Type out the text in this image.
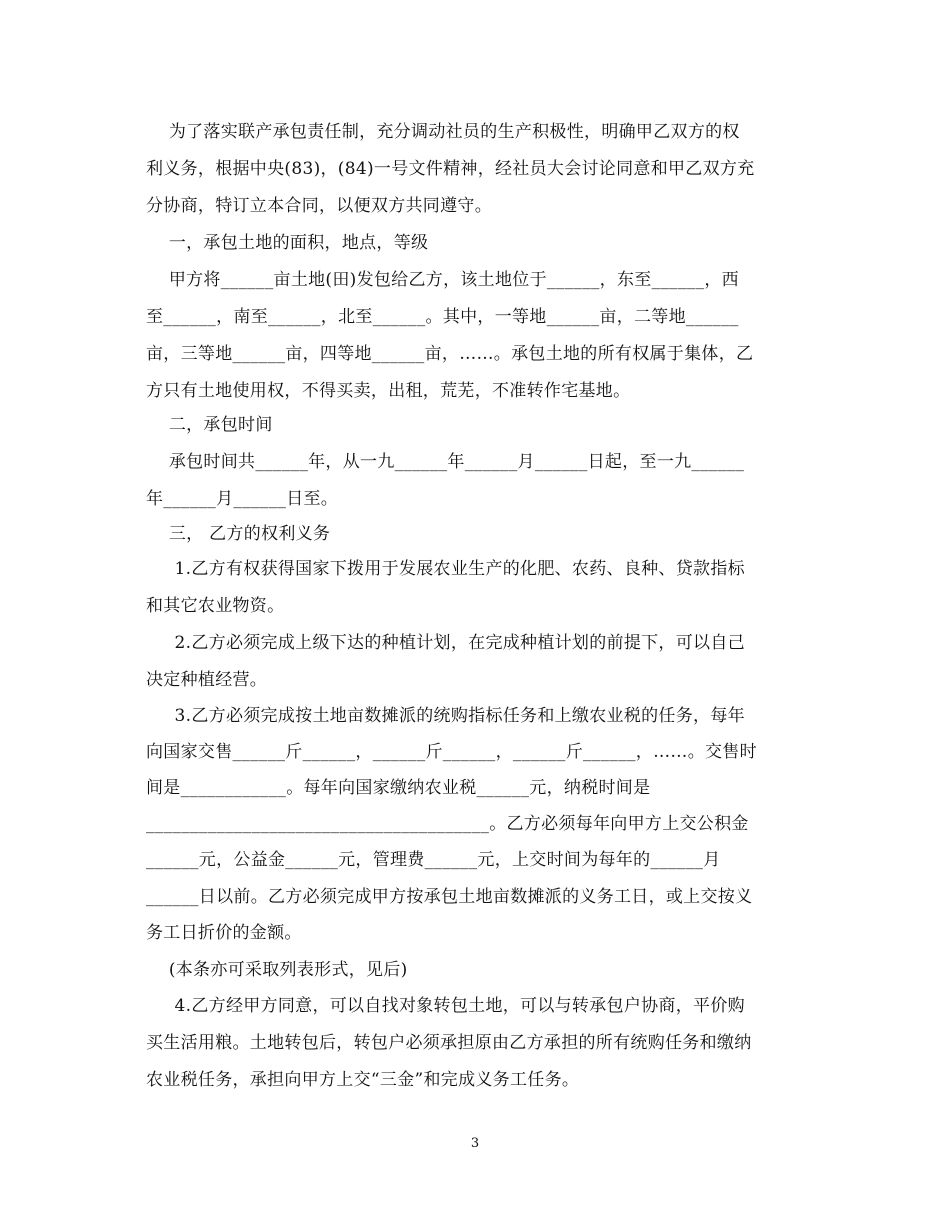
为了落实联产承包责任制，充分调动社员的生产积极性，明确甲乙双方的权
利义务，根据中央(83)，(84)一号文件精神，经社员大会讨论同意和甲乙双方充
分协商，特订立本合同，以便双方共同遵守。
一，承包土地的面积，地点，等级
甲方将______亩土地(田)发包给乙方，该土地位于______，东至______，西
至______，南至______，北至______。其中，一等地______亩，二等地______
亩，三等地______亩，四等地______亩，……。承包土地的所有权属于集体，乙
方只有土地使用权，不得买卖，出租，荒芜，不准转作宅基地。
二，承包时间
承包时间共______年，从一九______年______月______日起，至一九______
年______月______日至。
三， 乙方的权利义务
1.乙方有权获得国家下拨用于发展农业生产的化肥、农药、良种、贷款指标
和其它农业物资。
2.乙方必须完成上级下达的种植计划，在完成种植计划的前提下，可以自己
决定种植经营。
3.乙方必须完成按土地亩数摊派的统购指标任务和上缴农业税的任务，每年
向国家交售______斤______，______斤______，______斤______，……。交售时
间是____________。每年向国家缴纳农业税______元，纳税时间是
_______________________________________。乙方必须每年向甲方上交公积金
______元，公益金______元，管理费______元，上交时间为每年的______月
______日以前。乙方必须完成甲方按承包土地亩数摊派的义务工日，或上交按义
务工日折价的金额。
(本条亦可采取列表形式，见后)
4.乙方经甲方同意，可以自找对象转包土地，可以与转承包户协商，平价购
买生活用粮。土地转包后，转包户必须承担原由乙方承担的所有统购任务和缴纳
农业税任务，承担向甲方上交“三金”和完成义务工任务。
3
